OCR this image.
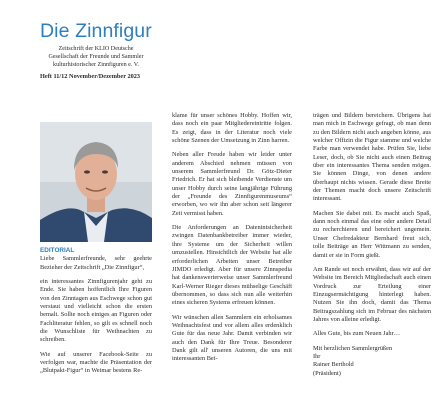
Die Zinnfigur
Zeitschrift der KLIO Deutsche Gesellschaft der Freunde und Sammler kulturhistorischer Zinnfiguren e. V.
Heft 11/12 November/Dezember 2023
EDITORIAL

Liebe Sammlerfreunde, sehr geehrte Bezieher der Zeitschrift „Die Zinnfigur“,

ein interessantes Zinnfigurenjahr geht zu Ende. Sie haben hoffentlich Ihre Figuren von den Zinntagen aus Eschwege schon gut verstaut und vielleicht schon die ersten bemalt. Sollte noch einiges an Figuren oder Fachliteratur fehlen, so gilt es schnell noch die Wunschliste für Weihnachten zu schreiben.

Wie auf unserer Facebook-Seite zu verfolgen war, machte die Präsentation der „Blutpakt-Figur“ in Weimar bestens Re-

klame für unser schönes Hobby. Hoffen wir, dass noch ein paar Mitgliedereintritte folgen. Es zeigt, dass in der Literatur noch viele schöne Szenen der Umsetzung in Zinn harren.

Neben aller Freude haben wir leider unter anderem Abschied nehmen müssen von unserem Sammlerfreund Dr. Götz-Dieter Friedrich. Er hat sich bleibende Verdienste um unser Hobby durch seine langjährige Führung der „Freunde des Zinnfigurenmuseums“ erworben, wo wir ihn aber schon seit längerer Zeit vermisst haben.

Die Anforderungen an Datenintsicherheit zwingen Datenbankbetreiber immer wieder, ihre Systeme um der Sicherheit willen umzustellen. Hinsichtlich der Website hat alle erforderlichen Arbeiten unser Betreiber JIMDO erledigt. Aber für unsere Zinnspedia hat dankenswerterweise unser Sammlerfreund Karl-Werner Rieger dieses mühselige Geschäft übernommen, so dass sich nun alle weiterhin eines sicheren Systems erfreuen können.

Wir wünschen allen Sammlern ein erholsames Weihnachtsfest und vor allem alles erdenklich Gute für das neue Jahr. Damit verbinden wir auch den Dank für Ihre Treue. Besonderer Dank gilt all' unseren Autoren, die uns mit interessanten Bei-

trägen und Bildern bereichern. Übrigens hat man mich in Eschwege gefragt, ob man denn zu den Bildern nicht auch angeben könne, aus welcher Offizin die Figur stamme und welche Farbe man verwendet habe. Prüfen Sie, liebe Leser, doch, ob Sie nicht auch einen Beitrag über ein interessantes Thema senden mögen. Sie können Dinge, von denen andere überhaupt nichts wissen. Gerade diese Breite der Themen macht doch unsere Zeitschrift interessant.

Machen Sie dabei mit. Es macht auch Spaß, dann noch einmal das eine oder andere Detail zu recherchieren und bereichert ungemein. Unser Chefredakteur Bernhard freut sich, tolle Beiträge an Herr Wittmann zu senden, damit er sie in Form gießt.

Am Rande sei noch erwähnt, dass wir auf der Website im Bereich Mitgliedschaft auch einen Vordruck zur Erteilung einer Einzugsermächtigung hinterlegt haben. Nutzen Sie ihn doch, damit das Thema Beitragszahlung sich im Februar des nächsten Jahres von alleine erledigt.

Alles Gute, bis zum Neuen Jahr…

Mit herzlichen Sammlergrüßen

Ihr

Rainer Berthold

(Präsident)
